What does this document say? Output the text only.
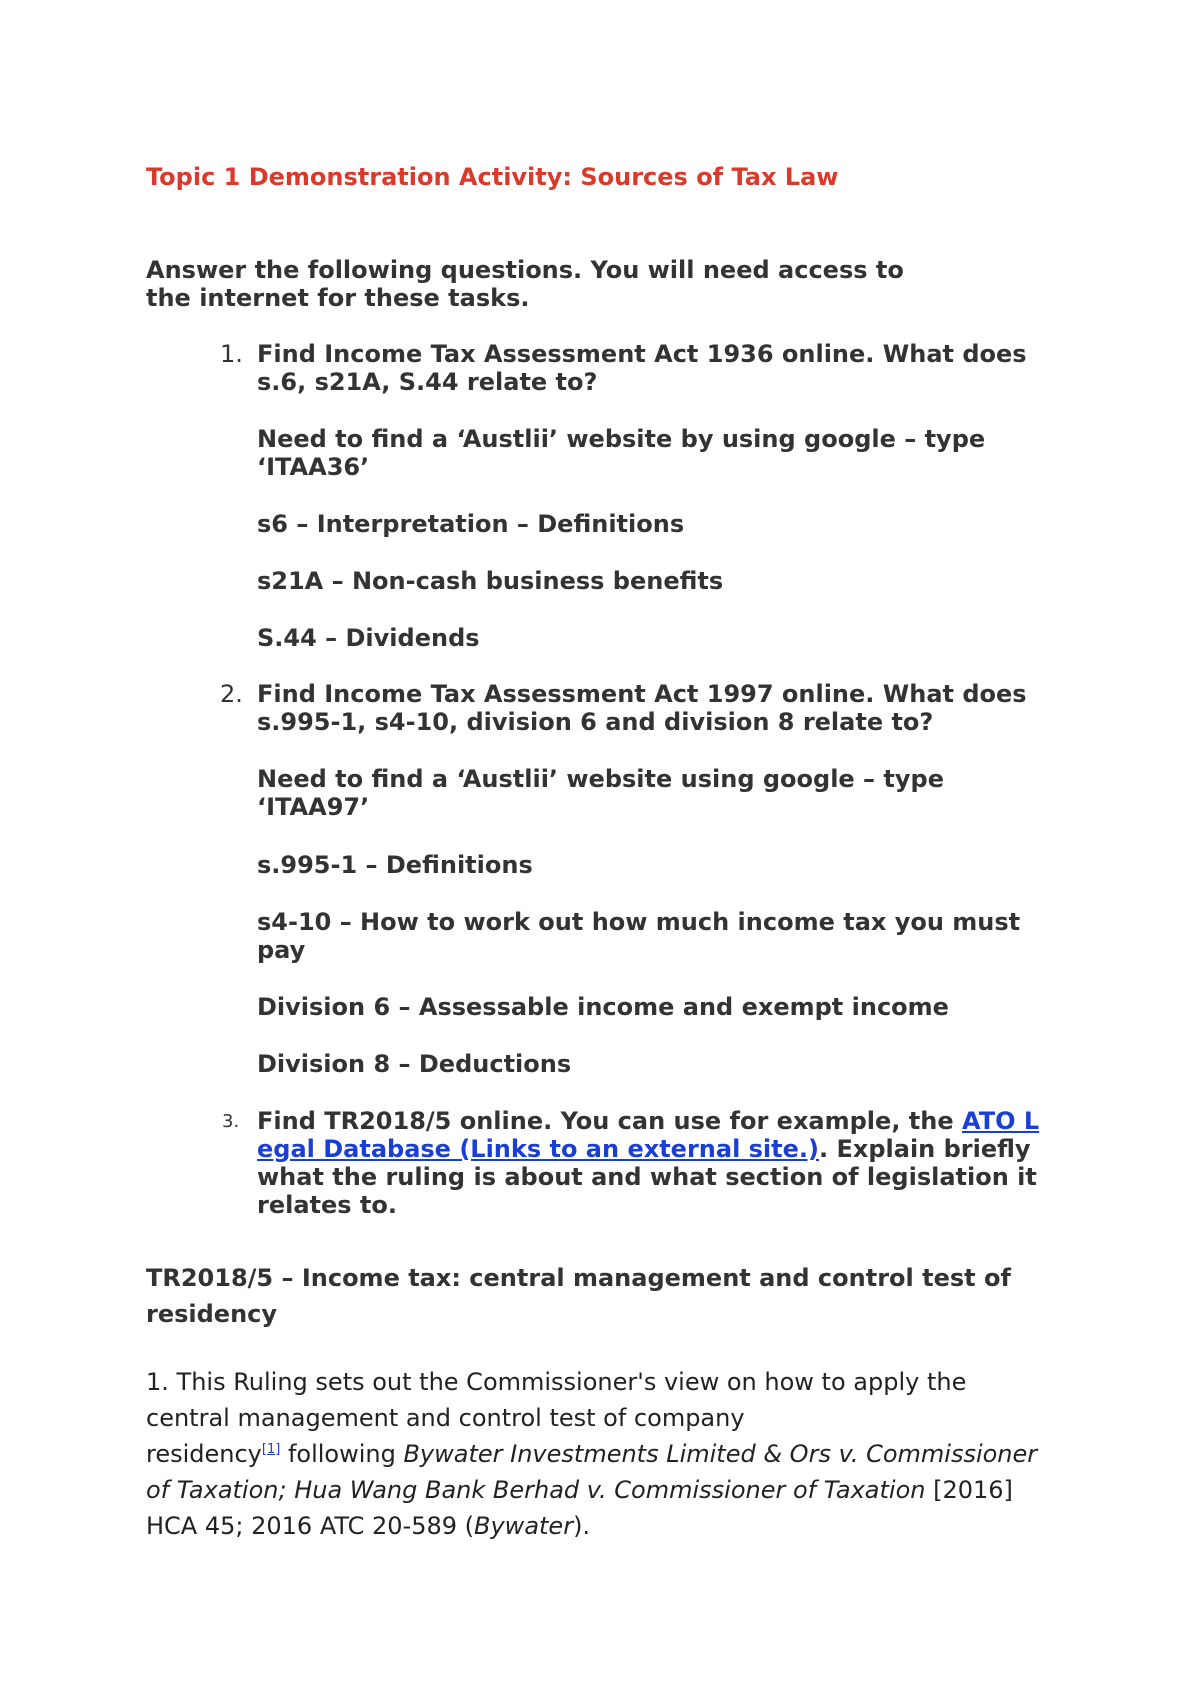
Topic 1 Demonstration Activity: Sources of Tax Law
Answer the following questions. You will need access to
the internet for these tasks.
1. Find Income Tax Assessment Act 1936 online. What does
s.6, s21A, S.44 relate to?
Need to find a ‘Austlii’ website by using google – type
‘ITAA36’
s6 – Interpretation – Definitions
s21A – Non-cash business benefits
S.44 – Dividends
2. Find Income Tax Assessment Act 1997 online. What does
s.995-1, s4-10, division 6 and division 8 relate to?
Need to find a ‘Austlii’ website using google – type
‘ITAA97’
s.995-1 – Definitions
s4-10 – How to work out how much income tax you must
pay
Division 6 – Assessable income and exempt income
Division 8 – Deductions
3. Find TR2018/5 online. You can use for example, the ATO L
egal Database (Links to an external site.). Explain briefly
what the ruling is about and what section of legislation it
relates to.
TR2018/5 – Income tax: central management and control test of
residency
1. This Ruling sets out the Commissioner's view on how to apply the
central management and control test of company
residency[1] following Bywater Investments Limited & Ors v. Commissioner
of Taxation; Hua Wang Bank Berhad v. Commissioner of Taxation [2016]
HCA 45; 2016 ATC 20-589 (Bywater).
